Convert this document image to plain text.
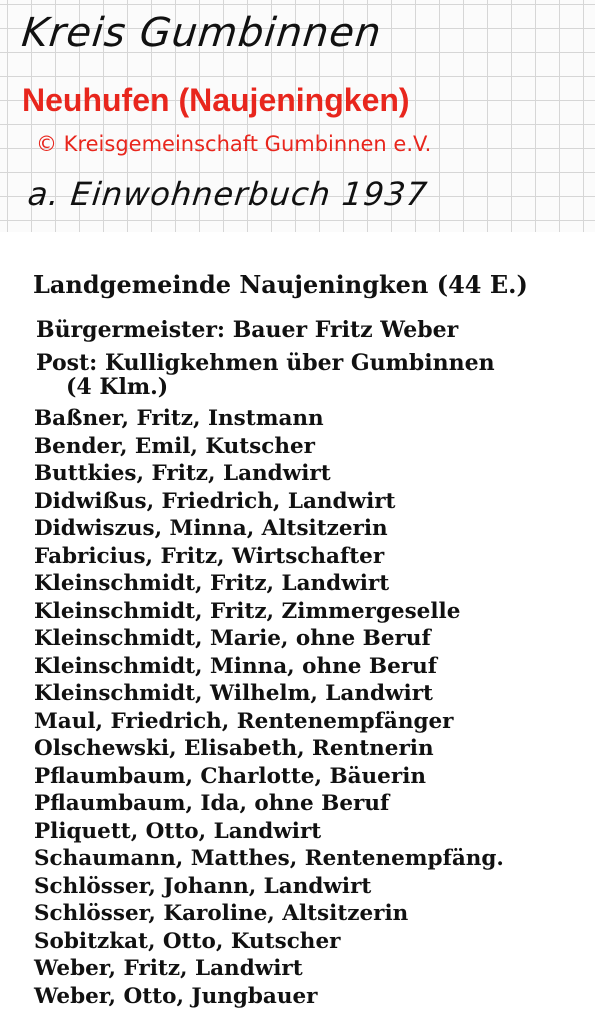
Kreis Gumbinnen
Neuhufen (Naujeningken)
© Kreisgemeinschaft Gumbinnen e.V.
a. Einwohnerbuch 1937
Landgemeinde Naujeningken (44 E.)
Bürgermeister: Bauer Fritz Weber
Post: Kulligkehmen über Gumbinnen
(4 Klm.)
Baßner, Fritz, Instmann
Bender, Emil, Kutscher
Buttkies, Fritz, Landwirt
Didwißus, Friedrich, Landwirt
Didwiszus, Minna, Altsitzerin
Fabricius, Fritz, Wirtschafter
Kleinschmidt, Fritz, Landwirt
Kleinschmidt, Fritz, Zimmergeselle
Kleinschmidt, Marie, ohne Beruf
Kleinschmidt, Minna, ohne Beruf
Kleinschmidt, Wilhelm, Landwirt
Maul, Friedrich, Rentenempfänger
Olschewski, Elisabeth, Rentnerin
Pflaumbaum, Charlotte, Bäuerin
Pflaumbaum, Ida, ohne Beruf
Pliquett, Otto, Landwirt
Schaumann, Matthes, Rentenempfäng.
Schlösser, Johann, Landwirt
Schlösser, Karoline, Altsitzerin
Sobitzkat, Otto, Kutscher
Weber, Fritz, Landwirt
Weber, Otto, Jungbauer
